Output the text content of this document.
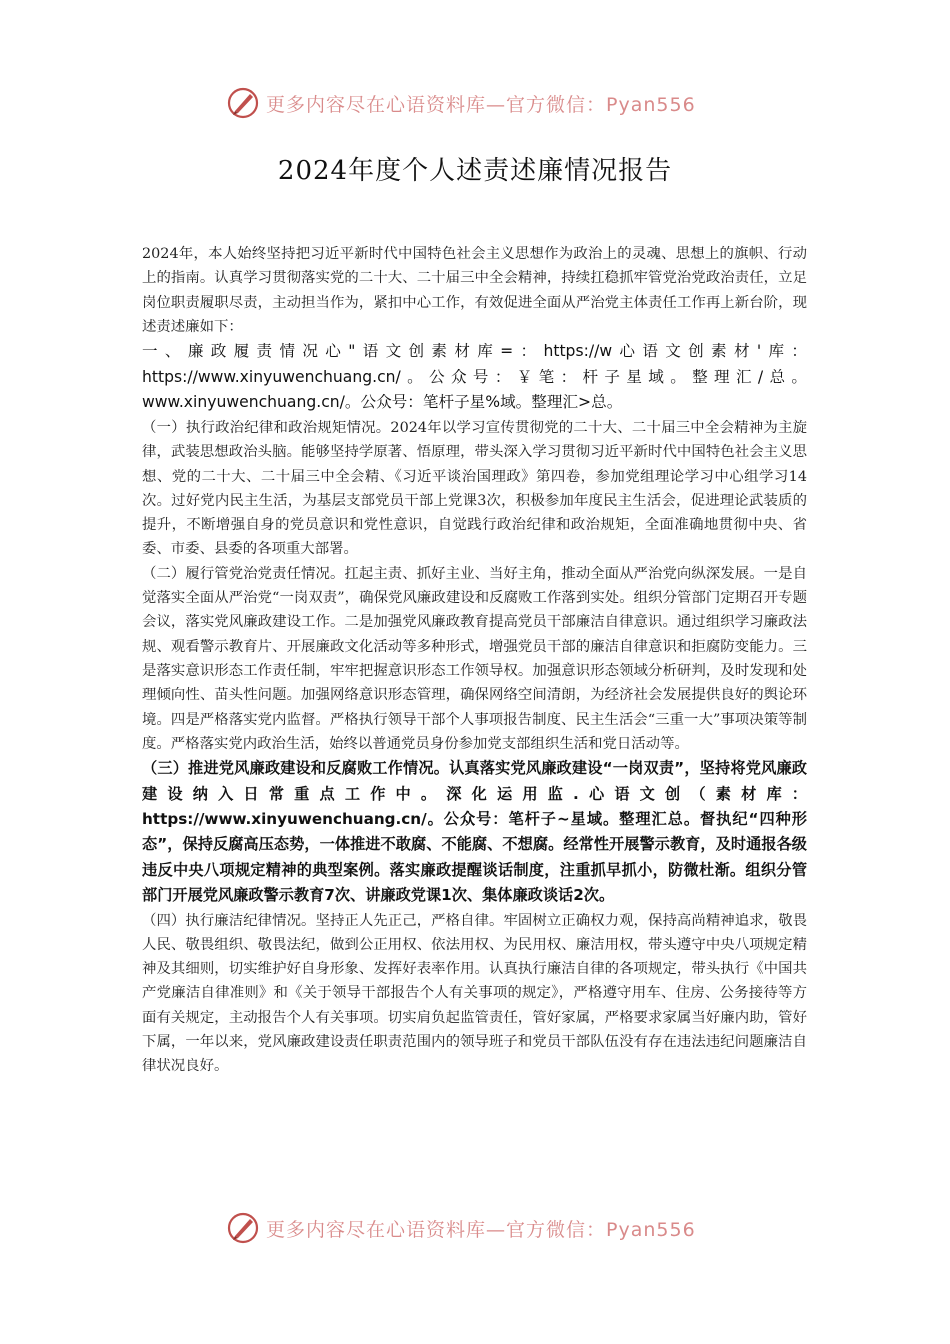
更多内容尽在心语资料库—官方微信：Pyan556
2024年度个人述责述廉情况报告

2024年，本人始终坚持把习近平新时代中国特色社会主义思想作为政治上的灵魂、思想上的旗帜、行动上的指南。认真学习贯彻落实党的二十大、二十届三中全会精神，持续扛稳抓牢管党治党政治责任，立足岗位职责履职尽责，主动担当作为，紧扣中心工作，有效促进全面从严治党主体责任工作再上新台阶，现述责述廉如下：

一、廉政履责情况心"语文创素材库=：https://w心语文创素材'库：https://www.xinyuwenchuang.cn/。公众号：￥笔：杆子星域。整理汇/总。www.xinyuwenchuang.cn/。公众号：笔杆子星%域。整理汇>总。

（一）执行政治纪律和政治规矩情况。2024年以学习宣传贯彻党的二十大、二十届三中全会精神为主旋律，武装思想政治头脑。能够坚持学原著、悟原理，带头深入学习贯彻习近平新时代中国特色社会主义思想、党的二十大、二十届三中全会精、《习近平谈治国理政》第四卷，参加党组理论学习中心组学习14次。过好党内民主生活，为基层支部党员干部上党课3次，积极参加年度民主生活会，促进理论武装质的提升，不断增强自身的党员意识和党性意识，自觉践行政治纪律和政治规矩，全面准确地贯彻中央、省委、市委、县委的各项重大部署。

（二）履行管党治党责任情况。扛起主责、抓好主业、当好主角，推动全面从严治党向纵深发展。一是自觉落实全面从严治党“一岗双责”，确保党风廉政建设和反腐败工作落到实处。组织分管部门定期召开专题会议，落实党风廉政建设工作。二是加强党风廉政教育提高党员干部廉洁自律意识。通过组织学习廉政法规、观看警示教育片、开展廉政文化活动等多种形式，增强党员干部的廉洁自律意识和拒腐防变能力。三是落实意识形态工作责任制，牢牢把握意识形态工作领导权。加强意识形态领域分析研判，及时发现和处理倾向性、苗头性问题。加强网络意识形态管理，确保网络空间清朗，为经济社会发展提供良好的舆论环境。四是严格落实党内监督。严格执行领导干部个人事项报告制度、民主生活会“三重一大”事项决策等制度。严格落实党内政治生活，始终以普通党员身份参加党支部组织生活和党日活动等。

（三）推进党风廉政建设和反腐败工作情况。认真落实党风廉政建设“一岗双责”，坚持将党风廉政建设纳入日常重点工作中。深化运用监.心语文创（素材库：https://www.xinyuwenchuang.cn/。公众号：笔杆子~星域。整理汇总。督执纪“四种形态”，保持反腐高压态势，一体推进不敢腐、不能腐、不想腐。经常性开展警示教育，及时通报各级违反中央八项规定精神的典型案例。落实廉政提醒谈话制度，注重抓早抓小，防微杜渐。组织分管部门开展党风廉政警示教育7次、讲廉政党课1次、集体廉政谈话2次。

（四）执行廉洁纪律情况。坚持正人先正己，严格自律。牢固树立正确权力观，保持高尚精神追求，敬畏人民、敬畏组织、敬畏法纪，做到公正用权、依法用权、为民用权、廉洁用权，带头遵守中央八项规定精神及其细则，切实维护好自身形象、发挥好表率作用。认真执行廉洁自律的各项规定，带头执行《中国共产党廉洁自律准则》和《关于领导干部报告个人有关事项的规定》，严格遵守用车、住房、公务接待等方面有关规定，主动报告个人有关事项。切实肩负起监管责任，管好家属，严格要求家属当好廉内助，管好下属，一年以来，党风廉政建设责任职责范围内的领导班子和党员干部队伍没有存在违法违纪问题廉洁自律状况良好。

更多内容尽在心语资料库—官方微信：Pyan556
